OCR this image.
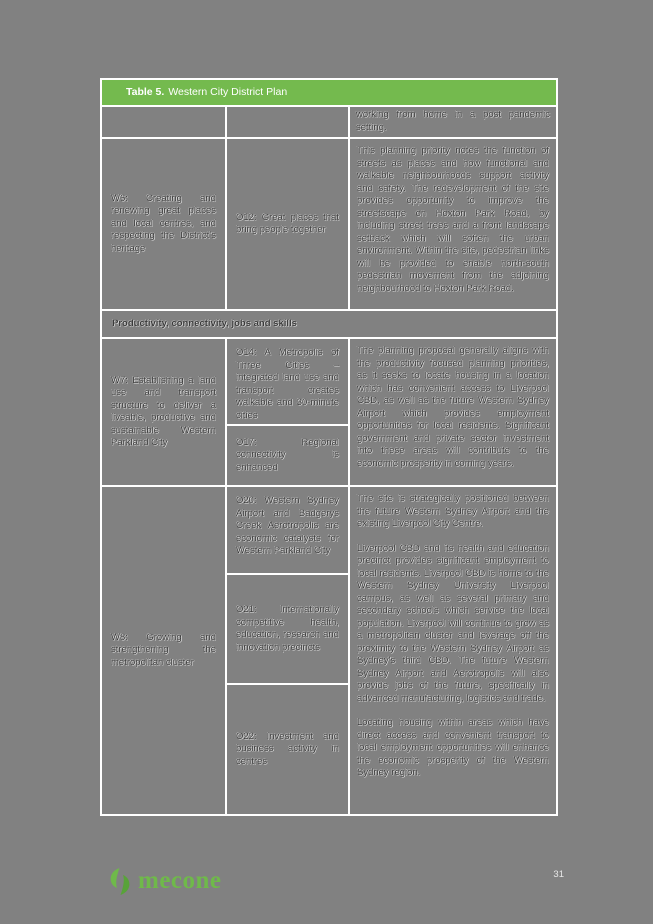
Table 5. Western City District Plan
working from home in a post pandemic setting.
W6: Creating and renewing great places and local centres, and respecting the District's heritage
O12: Great places that bring people together
This planning priority notes the function of streets as places and how functional and walkable neighbourhoods support activity and safety. The redevelopment of the site provides opportunity to improve the streetscape on Hoxton Park Road, by including street trees and a front landscape setback which will soften the urban environment. Within the site, pedestrian links will be provided to enable north-south pedestrian movement from the adjoining neighbourhood to Hoxton Park Road.
Productivity, connectivity, jobs and skills
W7: Establishing a land use and transport structure to deliver a liveable, productive and sustainable Western Parkland City
O14: A Metropolis of Three Cities – integrated land use and transport creates walkable and 30-minute cities
O17: Regional connectivity is enhanced
The planning proposal generally aligns with the productivity focused planning priorities, as it seeks to locate housing in a location which has convenient access to Liverpool CBD, as well as the future Western Sydney Airport which provides employment opportunities for local residents. Significant government and private sector investment into these areas will contribute to the economic prosperity in coming years.
W8: Growing and strengthening the metropolitan cluster
O20: Western Sydney Airport and Badgerys Creek Aerotropolis are economic catalysts for Western Parkland City
O21: Internationally competitive health, education, research and innovation precincts
O22: Investment and business activity in centres
The site is strategically positioned between the future Western Sydney Airport and the existing Liverpool City Centre.
Liverpool CBD and its health and education precinct provides significant employment to local residents. Liverpool CBD is home to the Western Sydney University Liverpool campus, as well as several primary and secondary schools which service the local population. Liverpool will continue to grow as a metropolitan cluster and leverage off the proximity to the Western Sydney Airport as Sydney's third CBD. The future Western Sydney Airport and Aerotropolis will also provide jobs of the future, specifically in advanced manufacturing, logistics and trade.
Locating housing within areas which have direct access and convenient transport to local employment opportunities will enhance the economic prosperity of the Western Sydney region.
mecone	31
